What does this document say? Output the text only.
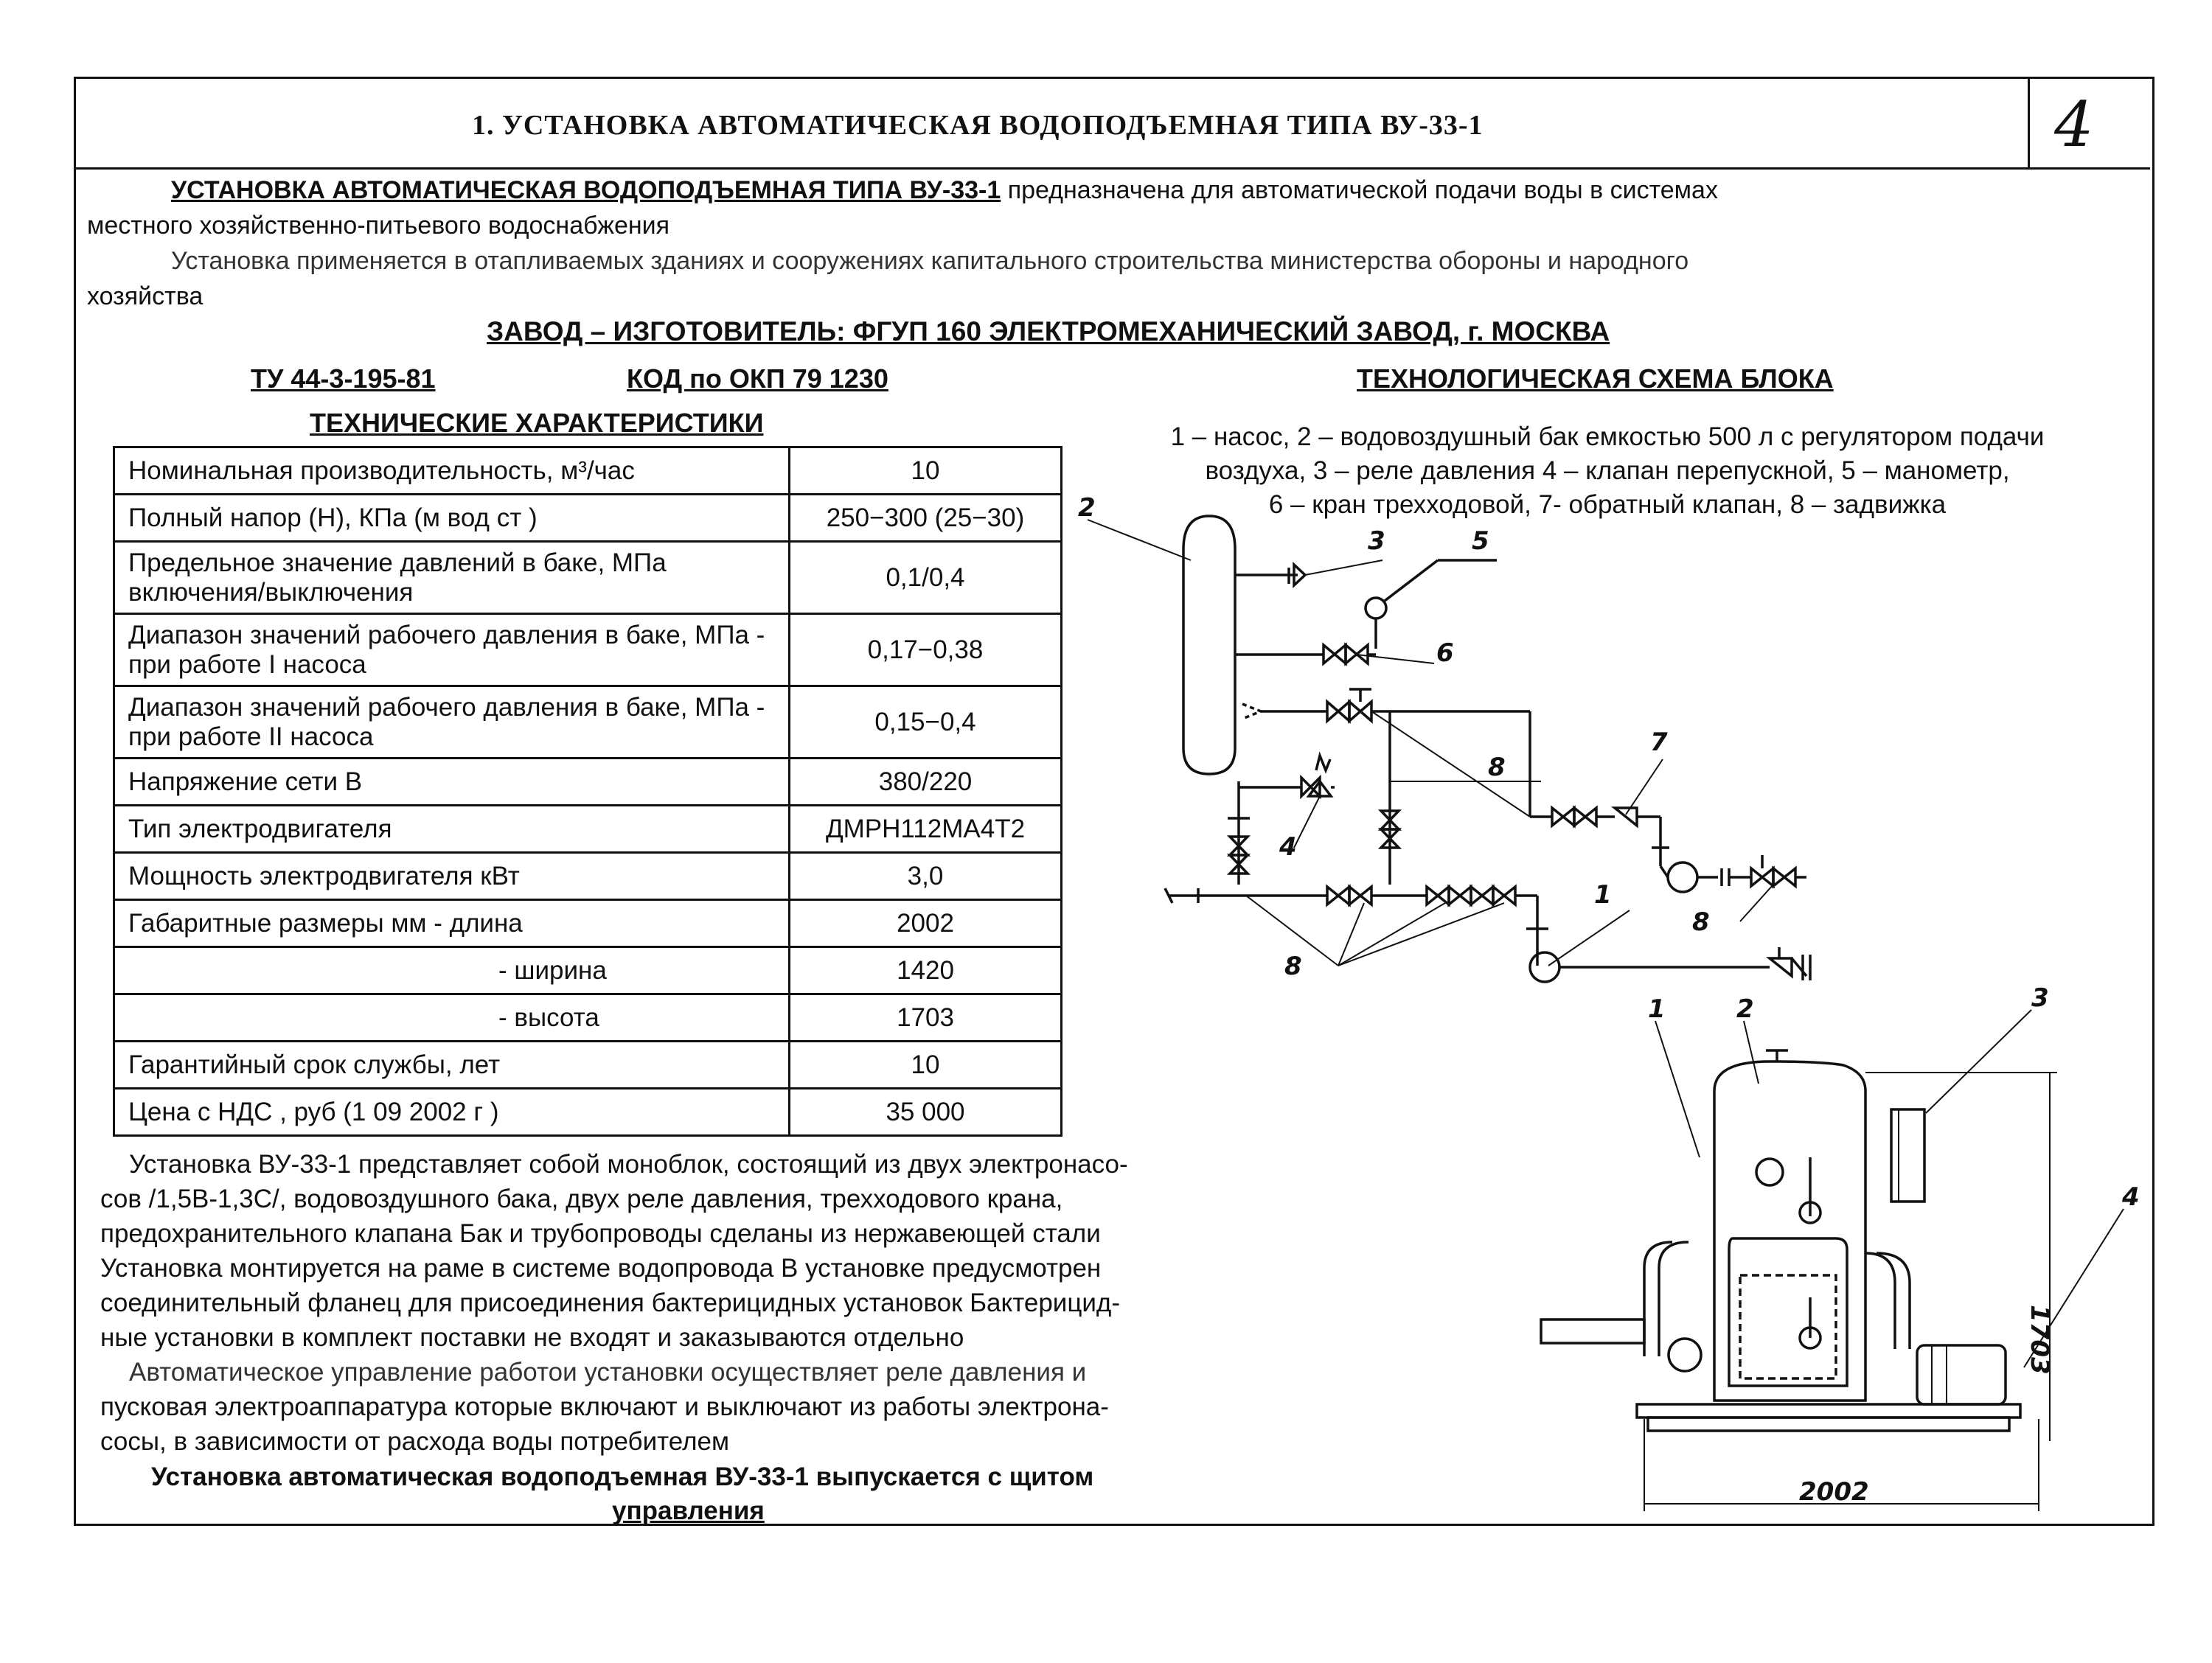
1. УСТАНОВКА АВТОМАТИЧЕСКАЯ ВОДОПОДЪЕМНАЯ ТИПА ВУ-33-1	4
УСТАНОВКА АВТОМАТИЧЕСКАЯ ВОДОПОДЪЕМНАЯ ТИПА ВУ-33-1 предназначена для автоматической подачи воды в системах
местного хозяйственно-питьевого водоснабжения
Установка применяется в отапливаемых зданиях и сооружениях капитального строительства министерства обороны и народного
хозяйства
ЗАВОД – ИЗГОТОВИТЕЛЬ: ФГУП 160 ЭЛЕКТРОМЕХАНИЧЕСКИЙ ЗАВОД, г. МОСКВА
ТУ 44-3-195-81	КОД по ОКП 79 1230	ТЕХНОЛОГИЧЕСКАЯ СХЕМА БЛОКА
ТЕХНИЧЕСКИЕ ХАРАКТЕРИСТИКИ
Номинальная производительность, м³/час	10
Полный напор (Н), КПа (м вод ст )	250−300 (25−30)
Предельное значение давлений в баке, МПа включения/выключения	0,1/0,4
Диапазон значений рабочего давления в баке, МПа - при работе I насоса	0,17−0,38
Диапазон значений рабочего давления в баке, МПа - при работе II насоса	0,15−0,4
Напряжение сети В	380/220
Тип электродвигателя	ДМРН112МА4Т2
Мощность электродвигателя кВт	3,0
Габаритные размеры мм - длина	2002
- ширина	1420
- высота	1703
Гарантийный срок службы, лет	10
Цена с НДС , руб (1 09 2002 г )	35 000
1 – насос, 2 – водовоздушный бак емкостью 500 л с регулятором подачи
воздуха, 3 – реле давления 4 – клапан перепускной, 5 – манометр,
6 – кран трехходовой, 7- обратный клапан, 8 – задвижка
Установка ВУ-33-1 представляет собой моноблок, состоящий из двух электронасо-
сов /1,5В-1,3С/, водовоздушного бака, двух реле давления, трехходового крана,
предохранительного клапана Бак и трубопроводы сделаны из нержавеющей стали
Установка монтируется на раме в системе водопровода В установке предусмотрен
соединительный фланец для присоединения бактерицидных установок Бактерицид-
ные установки в комплект поставки не входят и заказываются отдельно
Автоматическое управление работои установки осуществляет реле давления и
пусковая электроаппаратура которые включают и выключают из работы электрона-
сосы, в зависимости от расхода воды потребителем
Установка автоматическая водоподъемная ВУ-33-1 выпускается с щитом
управления
2
3	5
6
7
8
4
1
8
8
1	2	3
4
2002
1703
